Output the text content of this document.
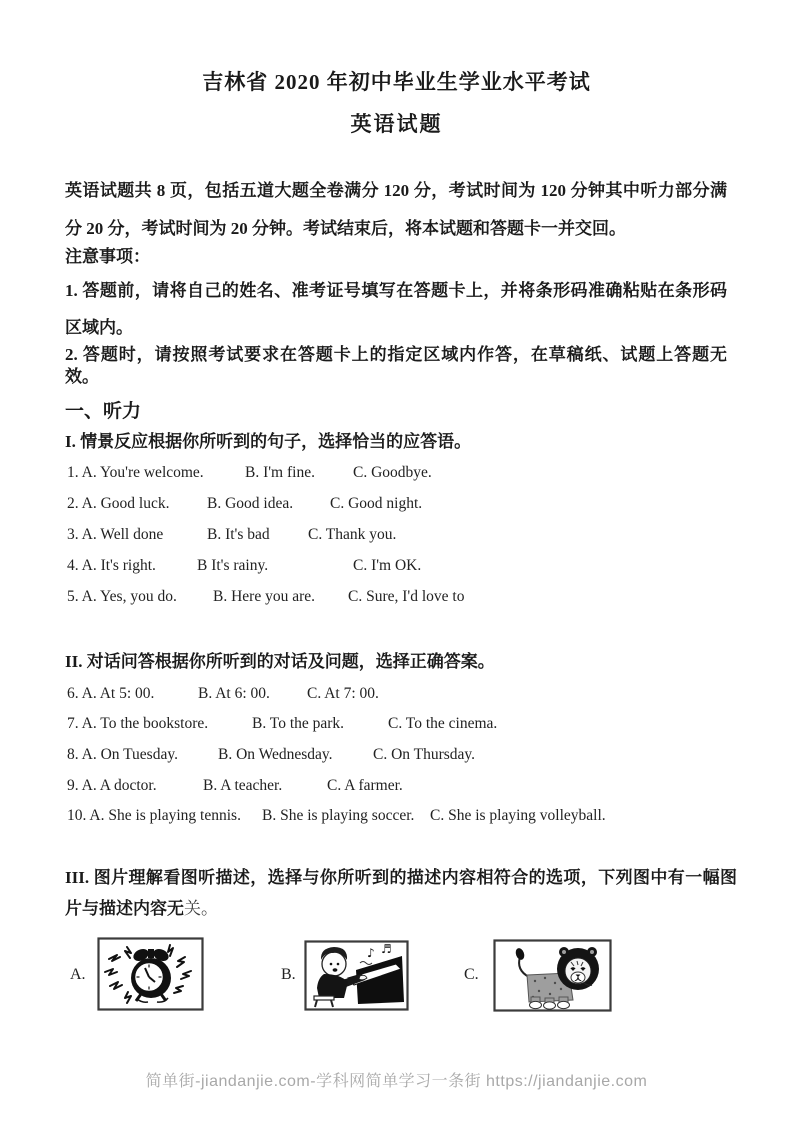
吉林省 2020 年初中毕业生学业水平考试
英语试题
英语试题共 8 页，包括五道大题全卷满分 120 分，考试时间为 120 分钟其中听力部分满分 20 分，考试时间为 20 分钟。考试结束后，将本试题和答题卡一并交回。
注意事项：
1. 答题前，请将自己的姓名、准考证号填写在答题卡上，并将条形码准确粘贴在条形码区域内。
2. 答题时，请按照考试要求在答题卡上的指定区域内作答，在草稿纸、试题上答题无效。
一、听力
I. 情景反应根据你所听到的句子，选择恰当的应答语。
1. A. You're welcome.	B. I'm fine. C. Goodbye.
2. A. Good luck. B. Good idea. C. Good night.
3. A. Well done	B. It's bad C. Thank you.
4. A. It's right.	B It's rainy.	C. I'm OK.
5. A. Yes, you do. B. Here you are. C. Sure, I'd love to
II. 对话问答根据你所听到的对话及问题，选择正确答案。
6. A. At 5: 00.	B. At 6: 00. C. At 7: 00.
7. A. To the bookstore.	B. To the park.	C. To the cinema.
8. A. On Tuesday.	B. On Wednesday.	C. On Thursday.
9. A. A doctor.	B. A teacher.	C. A farmer.
10. A. She is playing tennis. B. She is playing soccer. C. She is playing volleyball.
III. 图片理解看图听描述，选择与你所听到的描述内容相符合的选项，下列图中有一幅图片与描述内容无关。
A.	B.
♪ ♬
C.
简单街-jiandanjie.com-学科网简单学习一条街 https://jiandanjie.com
